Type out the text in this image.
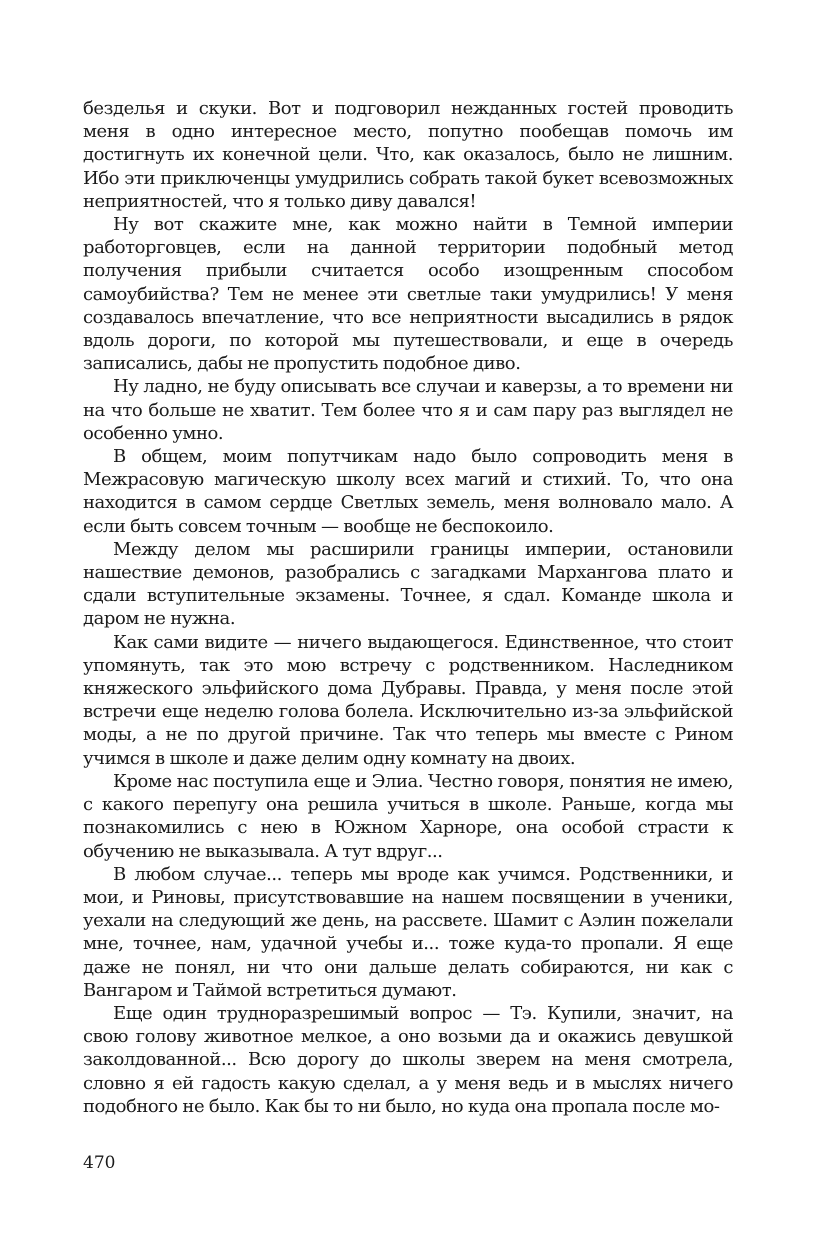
безделья и скуки. Вот и подговорил нежданных гостей проводить меня в одно интересное место, попутно пообещав помочь им достигнуть их конечной цели. Что, как оказалось, было не лишним. Ибо эти приключенцы умудрились собрать такой букет всевозможных неприятностей, что я только диву давался!

Ну вот скажите мне, как можно найти в Темной империи работорговцев, если на данной территории подобный метод получения прибыли считается особо изощренным способом самоубийства? Тем не менее эти светлые таки умудрились! У меня создавалось впечатление, что все неприятности высадились в рядок вдоль дороги, по которой мы путешествовали, и еще в очередь записались, дабы не пропустить подобное диво.

Ну ладно, не буду описывать все случаи и каверзы, а то времени ни на что больше не хватит. Тем более что я и сам пару раз выглядел не особенно умно.

В общем, моим попутчикам надо было сопроводить меня в Межрасовую магическую школу всех магий и стихий. То, что она находится в самом сердце Светлых земель, меня волновало мало. А если быть совсем точным — вообще не беспокоило.

Между делом мы расширили границы империи, остановили нашествие демонов, разобрались с загадками Мархангова плато и сдали вступительные экзамены. Точнее, я сдал. Команде школа и даром не нужна.

Как сами видите — ничего выдающегося. Единственное, что стоит упомянуть, так это мою встречу с родственником. Наследником княжеского эльфийского дома Дубравы. Правда, у меня после этой встречи еще неделю голова болела. Исключительно из-за эльфийской моды, а не по другой причине. Так что теперь мы вместе с Рином учимся в школе и даже делим одну комнату на двоих.

Кроме нас поступила еще и Элиа. Честно говоря, понятия не имею, с какого перепугу она решила учиться в школе. Раньше, когда мы познакомились с нею в Южном Харноре, она особой страсти к обучению не выказывала. А тут вдруг...

В любом случае... теперь мы вроде как учимся. Родственники, и мои, и Риновы, присутствовавшие на нашем посвящении в ученики, уехали на следующий же день, на рассвете. Шамит с Аэлин пожелали мне, точнее, нам, удачной учебы и... тоже куда-то пропали. Я еще даже не понял, ни что они дальше делать собираются, ни как с Вангаром и Таймой встретиться думают.

Еще один трудноразрешимый вопрос — Тэ. Купили, значит, на свою голову животное мелкое, а оно возьми да и окажись девушкой заколдованной... Всю дорогу до школы зверем на меня смотрела, словно я ей гадость какую сделал, а у меня ведь и в мыслях ничего подобного не было. Как бы то ни было, но куда она пропала после мо-

470
